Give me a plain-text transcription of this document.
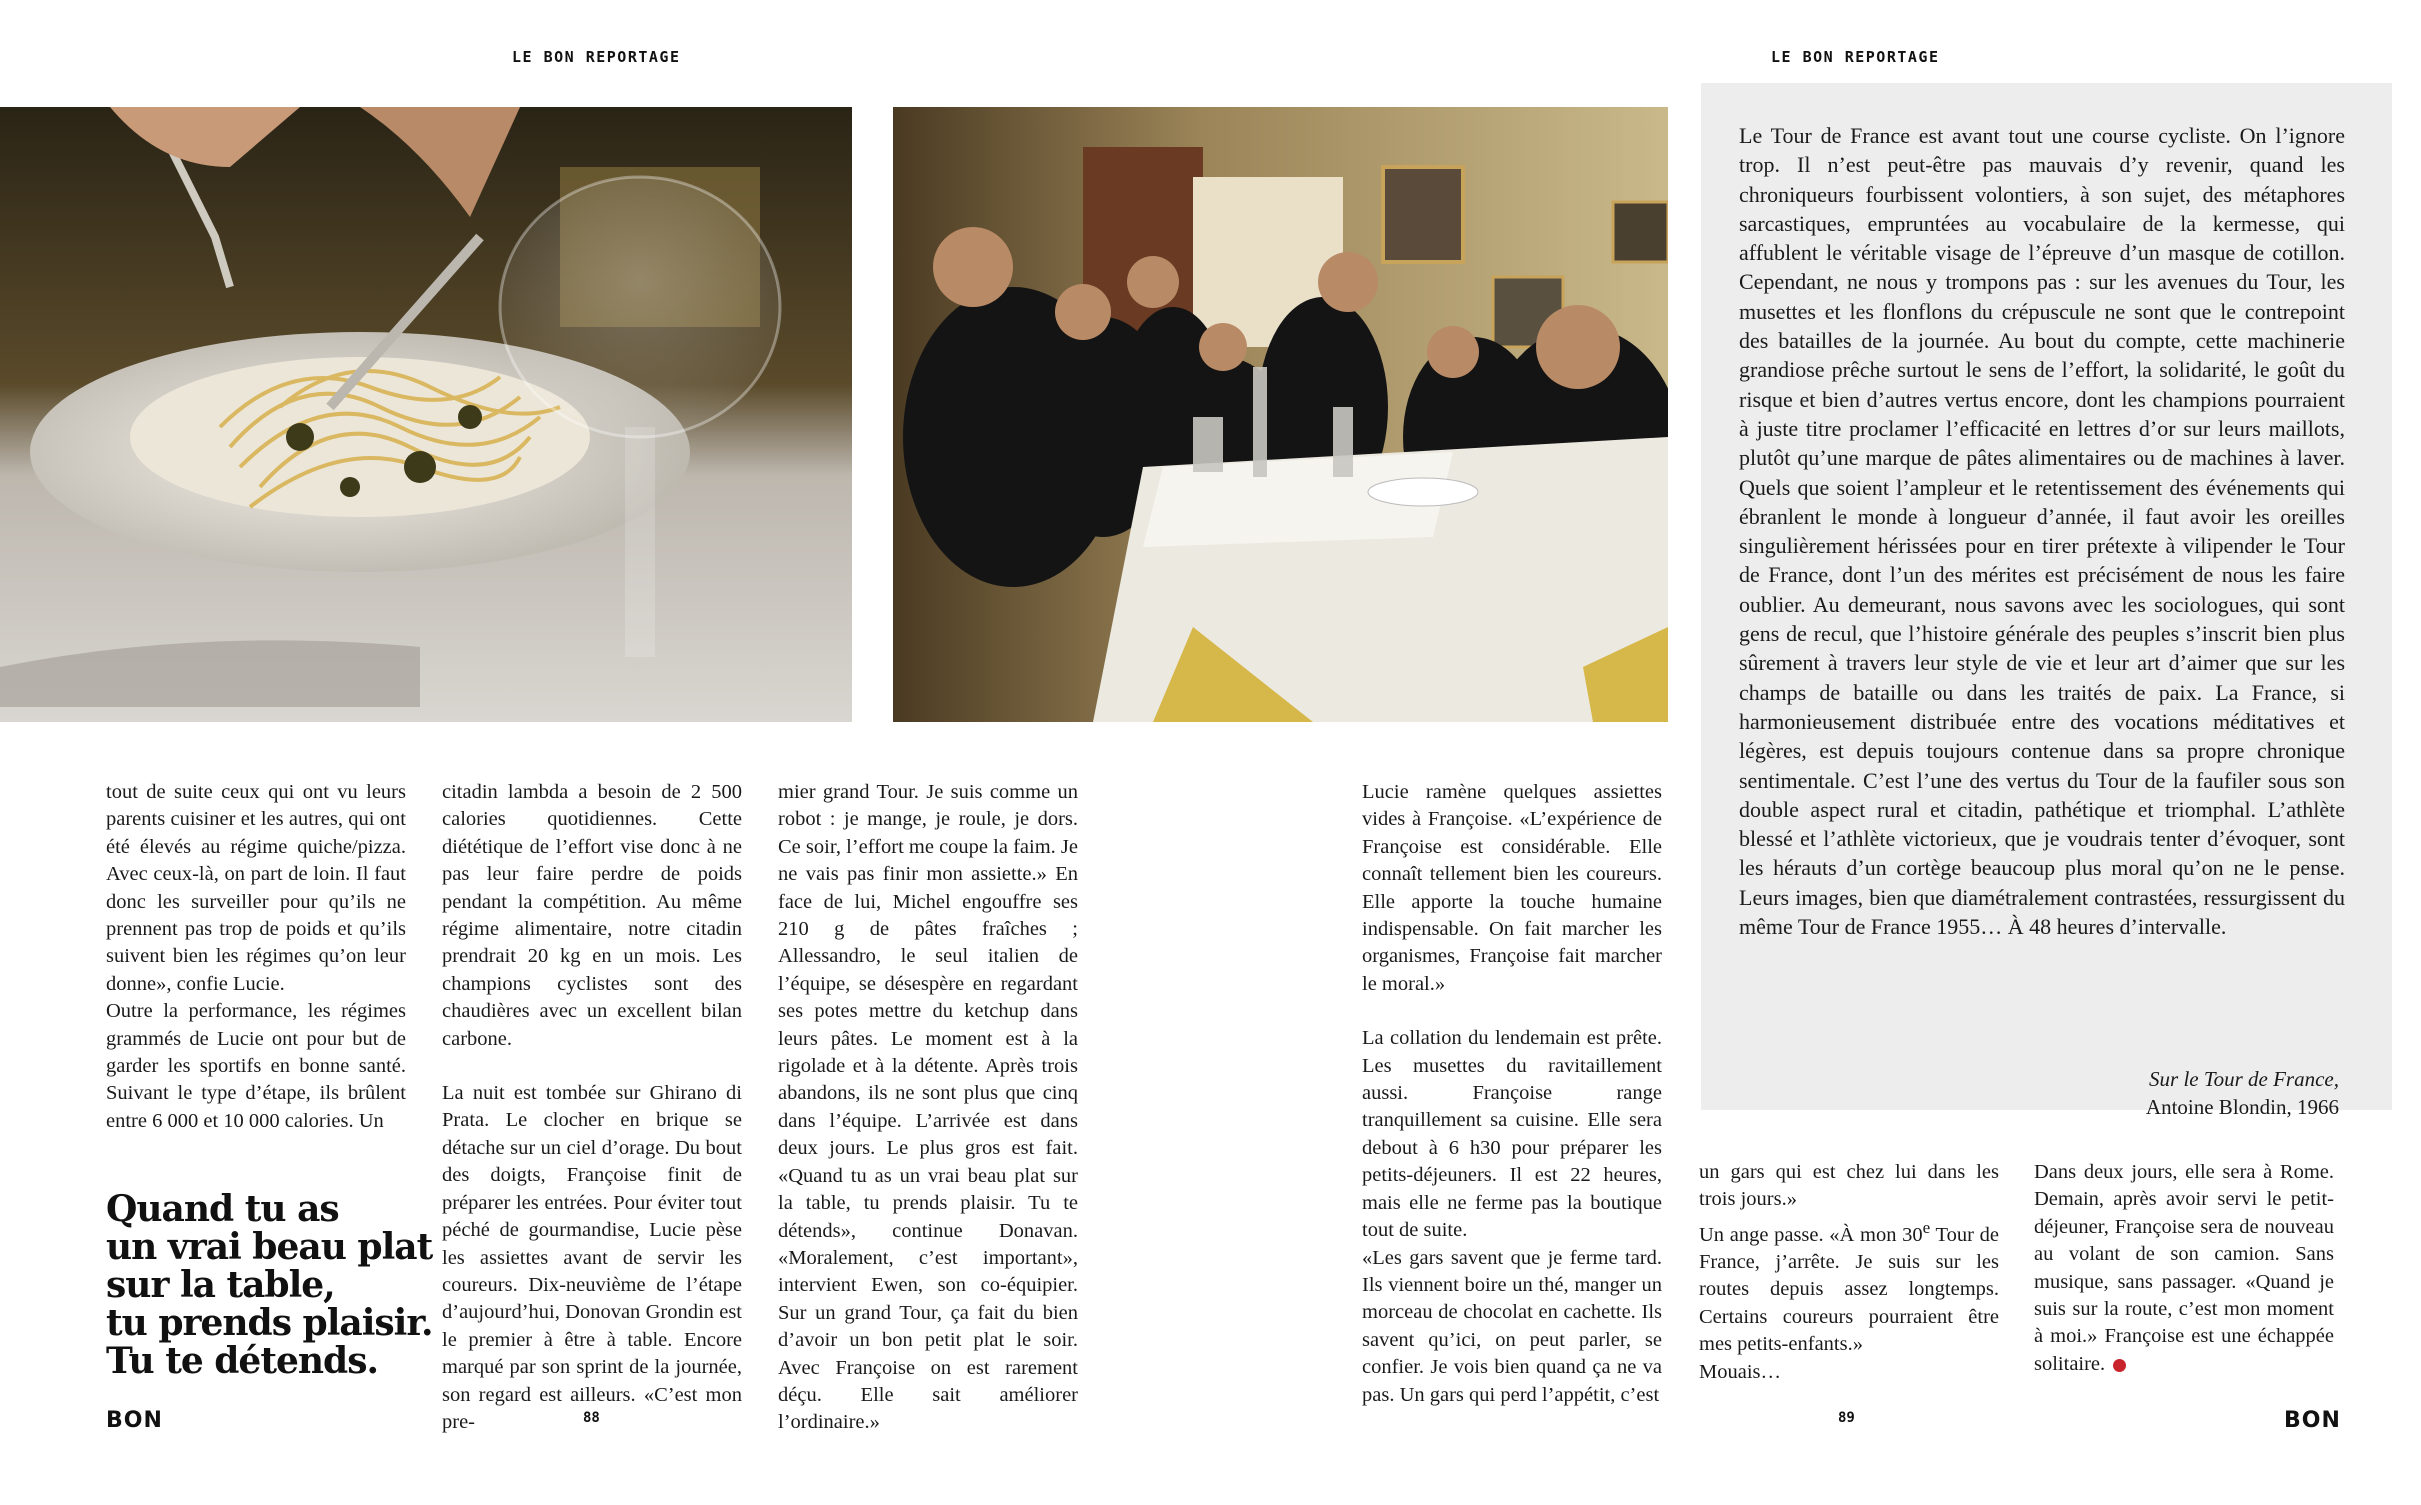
LE BON REPORTAGE	LE BON REPORTAGE

tout de suite ceux qui ont vu leurs parents cuisiner et les autres, qui ont été élevés au régime quiche/pizza. Avec ceux-là, on part de loin. Il faut donc les surveiller pour qu’ils ne prennent pas trop de poids et qu’ils suivent bien les régimes qu’on leur donne», confie Lucie.

Outre la performance, les régimes grammés de Lucie ont pour but de garder les sportifs en bonne santé. Suivant le type d’étape, ils brûlent entre 6 000 et 10 000 calories. Un

Quand tu as
un vrai beau plat
sur la table,
tu prends plaisir.
Tu te détends.

citadin lambda a besoin de 2 500 calories quotidiennes. Cette diététique de l’effort vise donc à ne pas leur faire perdre de poids pendant la compétition. Au même régime alimentaire, notre citadin prendrait 20 kg en un mois. Les champions cyclistes sont des chaudières avec un excellent bilan carbone.

La nuit est tombée sur Ghirano di Prata. Le clocher en brique se détache sur un ciel d’orage. Du bout des doigts, Françoise finit de préparer les entrées. Pour éviter tout péché de gourmandise, Lucie pèse les assiettes avant de servir les coureurs. Dix-neuvième de l’étape d’aujourd’hui, Donovan Grondin est le premier à être à table. Encore marqué par son sprint de la journée, son regard est ailleurs. «C’est mon pre-

mier grand Tour. Je suis comme un robot : je mange, je roule, je dors. Ce soir, l’effort me coupe la faim. Je ne vais pas finir mon assiette.» En face de lui, Michel engouffre ses 210 g de pâtes fraîches ; Allessandro, le seul italien de l’équipe, se désespère en regardant ses potes mettre du ketchup dans leurs pâtes. Le moment est à la rigolade et à la détente. Après trois abandons, ils ne sont plus que cinq dans l’équipe. L’arrivée est dans deux jours. Le plus gros est fait. «Quand tu as un vrai beau plat sur la table, tu prends plaisir. Tu te détends», continue Donavan. «Moralement, c’est important», intervient Ewen, son co-équipier. Sur un grand Tour, ça fait du bien d’avoir un bon petit plat le soir. Avec Françoise on est rarement déçu. Elle sait améliorer l’ordinaire.»

Lucie ramène quelques assiettes vides à Françoise. «L’expérience de Françoise est considérable. Elle connaît tellement bien les coureurs. Elle apporte la touche humaine indispensable. On fait marcher les organismes, Françoise fait marcher le moral.»

La collation du lendemain est prête. Les musettes du ravitaillement aussi. Françoise range tranquillement sa cuisine. Elle sera debout à 6 h30 pour préparer les petits-déjeuners. Il est 22 heures, mais elle ne ferme pas la boutique tout de suite.

«Les gars savent que je ferme tard. Ils viennent boire un thé, manger un morceau de chocolat en cachette. Ils savent qu’ici, on peut parler, se confier. Je vois bien quand ça ne va pas. Un gars qui perd l’appétit, c’est

un gars qui est chez lui dans les trois jours.»

Un ange passe. «À mon 30e Tour de France, j’arrête. Je suis sur les routes depuis assez longtemps. Certains coureurs pourraient être mes petits-enfants.»

Mouais…

Dans deux jours, elle sera à Rome. Demain, après avoir servi le petit-déjeuner, Françoise sera de nouveau au volant de son camion. Sans musique, sans passager. «Quand je suis sur la route, c’est mon moment à moi.» Françoise est une échappée solitaire.

Le Tour de France est avant tout une course cycliste. On l’ignore trop. Il n’est peut-être pas mauvais d’y revenir, quand les chroniqueurs fourbissent volontiers, à son sujet, des métaphores sarcastiques, empruntées au vocabulaire de la kermesse, qui affublent le véritable visage de l’épreuve d’un masque de cotillon. Cependant, ne nous y trompons pas : sur les avenues du Tour, les musettes et les flonflons du crépuscule ne sont que le contrepoint des batailles de la journée. Au bout du compte, cette machinerie grandiose prêche surtout le sens de l’effort, la solidarité, le goût du risque et bien d’autres vertus encore, dont les champions pourraient à juste titre proclamer l’efficacité en lettres d’or sur leurs maillots, plutôt qu’une marque de pâtes alimentaires ou de machines à laver. Quels que soient l’ampleur et le retentissement des événements qui ébranlent le monde à longueur d’année, il faut avoir les oreilles singulièrement hérissées pour en tirer prétexte à vilipender le Tour de France, dont l’un des mérites est précisément de nous les faire oublier. Au demeurant, nous savons avec les sociologues, qui sont gens de recul, que l’histoire générale des peuples s’inscrit bien plus sûrement à travers leur style de vie et leur art d’aimer que sur les champs de bataille ou dans les traités de paix. La France, si harmonieusement distribuée entre des vocations méditatives et légères, est depuis toujours contenue dans sa propre chronique sentimentale. C’est l’une des vertus du Tour de la faufiler sous son double aspect rural et citadin, pathétique et triomphal. L’athlète blessé et l’athlète victorieux, que je voudrais tenter d’évoquer, sont les hérauts d’un cortège beaucoup plus moral qu’on ne le pense. Leurs images, bien que diamétralement contrastées, ressurgissent du même Tour de France 1955… À 48 heures d’intervalle.
Sur le Tour de France,
Antoine Blondin, 1966
BON	88	89	BON
